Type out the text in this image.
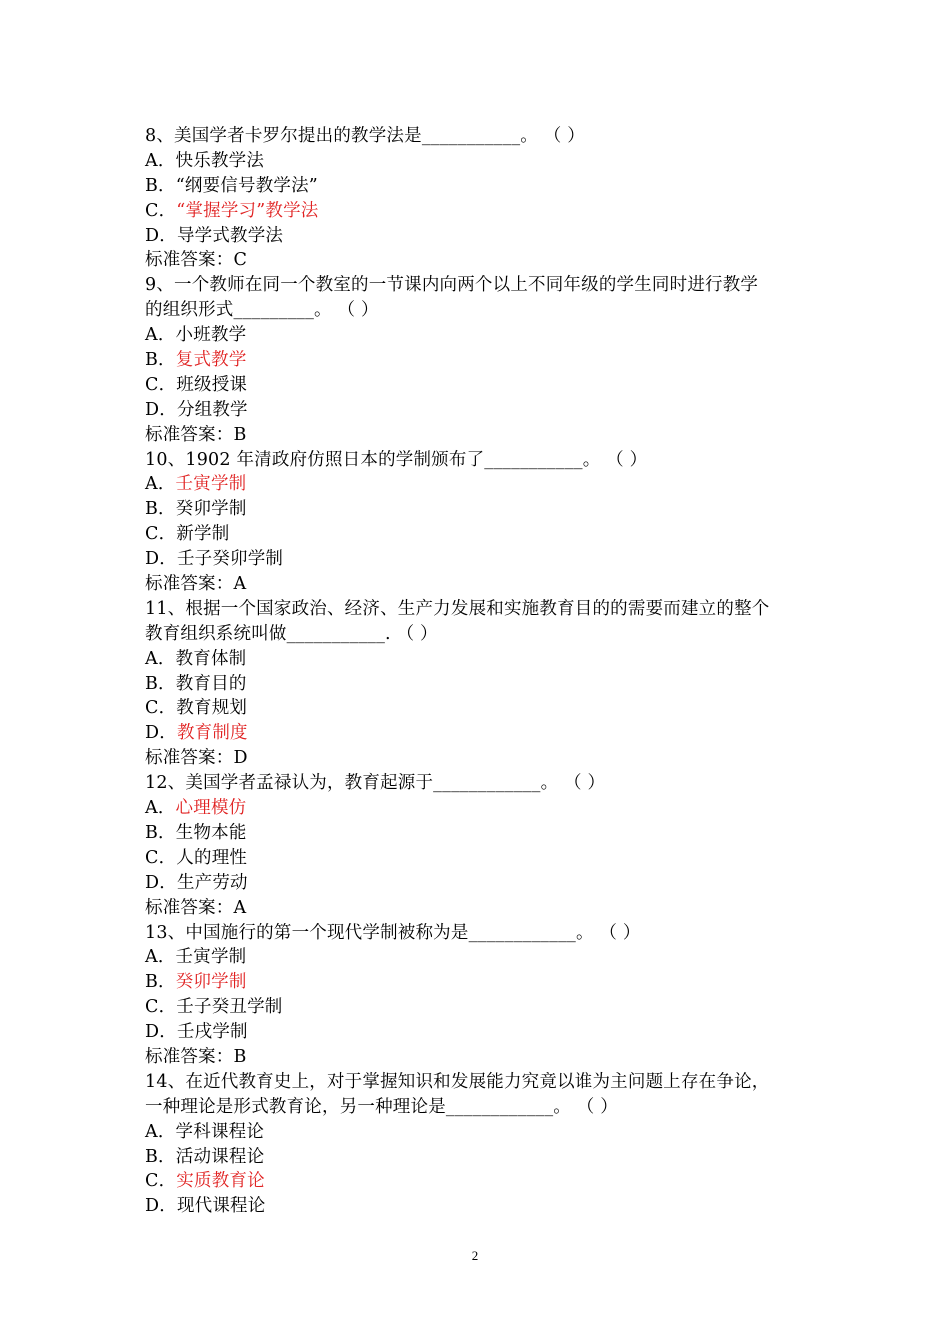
8、美国学者卡罗尔提出的教学法是___________。 （ ）
A．快乐教学法
B．“纲要信号教学法”
C．“掌握学习”教学法
D．导学式教学法
标准答案：C
9、一个教师在同一个教室的一节课内向两个以上不同年级的学生同时进行教学
的组织形式_________。 （ ）
A．小班教学
B．复式教学
C．班级授课
D．分组教学
标准答案：B
10、1902 年清政府仿照日本的学制颁布了___________。 （ ）
A．壬寅学制
B．癸卯学制
C．新学制
D．壬子癸卯学制
标准答案：A
11、根据一个国家政治、经济、生产力发展和实施教育目的的需要而建立的整个
教育组织系统叫做___________. （ ）
A．教育体制
B．教育目的
C．教育规划
D．教育制度
标准答案：D
12、美国学者孟禄认为，教育起源于____________。 （ ）
A．心理模仿
B．生物本能
C．人的理性
D．生产劳动
标准答案：A
13、中国施行的第一个现代学制被称为是____________。 （ ）
A．壬寅学制
B．癸卯学制
C．壬子癸丑学制
D．壬戌学制
标准答案：B
14、在近代教育史上，对于掌握知识和发展能力究竟以谁为主问题上存在争论，
一种理论是形式教育论，另一种理论是____________。 （ ）
A．学科课程论
B．活动课程论
C．实质教育论
D．现代课程论
2
